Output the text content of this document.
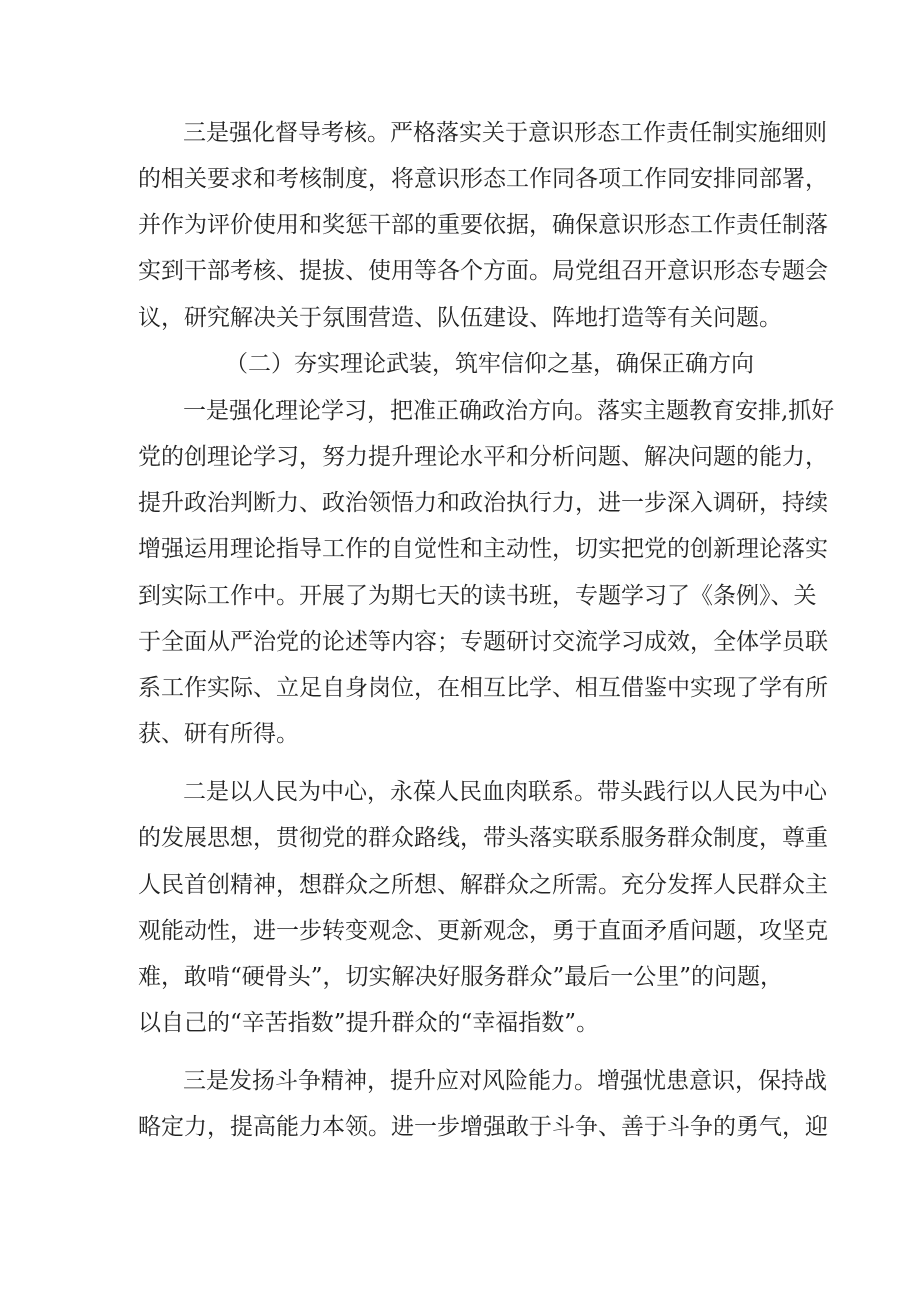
三是强化督导考核。严格落实关于意识形态工作责任制实施细则
的相关要求和考核制度，将意识形态工作同各项工作同安排同部署，
并作为评价使用和奖惩干部的重要依据，确保意识形态工作责任制落
实到干部考核、提拔、使用等各个方面。局党组召开意识形态专题会
议，研究解决关于氛围营造、队伍建设、阵地打造等有关问题。
（二）夯实理论武装，筑牢信仰之基，确保正确方向
一是强化理论学习，把准正确政治方向。落实主题教育安排,抓好
党的创理论学习，努力提升理论水平和分析问题、解决问题的能力，
提升政治判断力、政治领悟力和政治执行力，进一步深入调研，持续
增强运用理论指导工作的自觉性和主动性，切实把党的创新理论落实
到实际工作中。开展了为期七天的读书班，专题学习了《条例》、关
于全面从严治党的论述等内容；专题研讨交流学习成效，全体学员联
系工作实际、立足自身岗位，在相互比学、相互借鉴中实现了学有所
获、研有所得。
二是以人民为中心，永葆人民血肉联系。带头践行以人民为中心
的发展思想，贯彻党的群众路线，带头落实联系服务群众制度，尊重
人民首创精神，想群众之所想、解群众之所需。充分发挥人民群众主
观能动性，进一步转变观念、更新观念，勇于直面矛盾问题，攻坚克
难，敢啃“硬骨头”，切实解决好服务群众”最后一公里”的问题，
以自己的“辛苦指数”提升群众的“幸福指数”。
三是发扬斗争精神，提升应对风险能力。增强忧患意识，保持战
略定力，提高能力本领。进一步增强敢于斗争、善于斗争的勇气，迎
